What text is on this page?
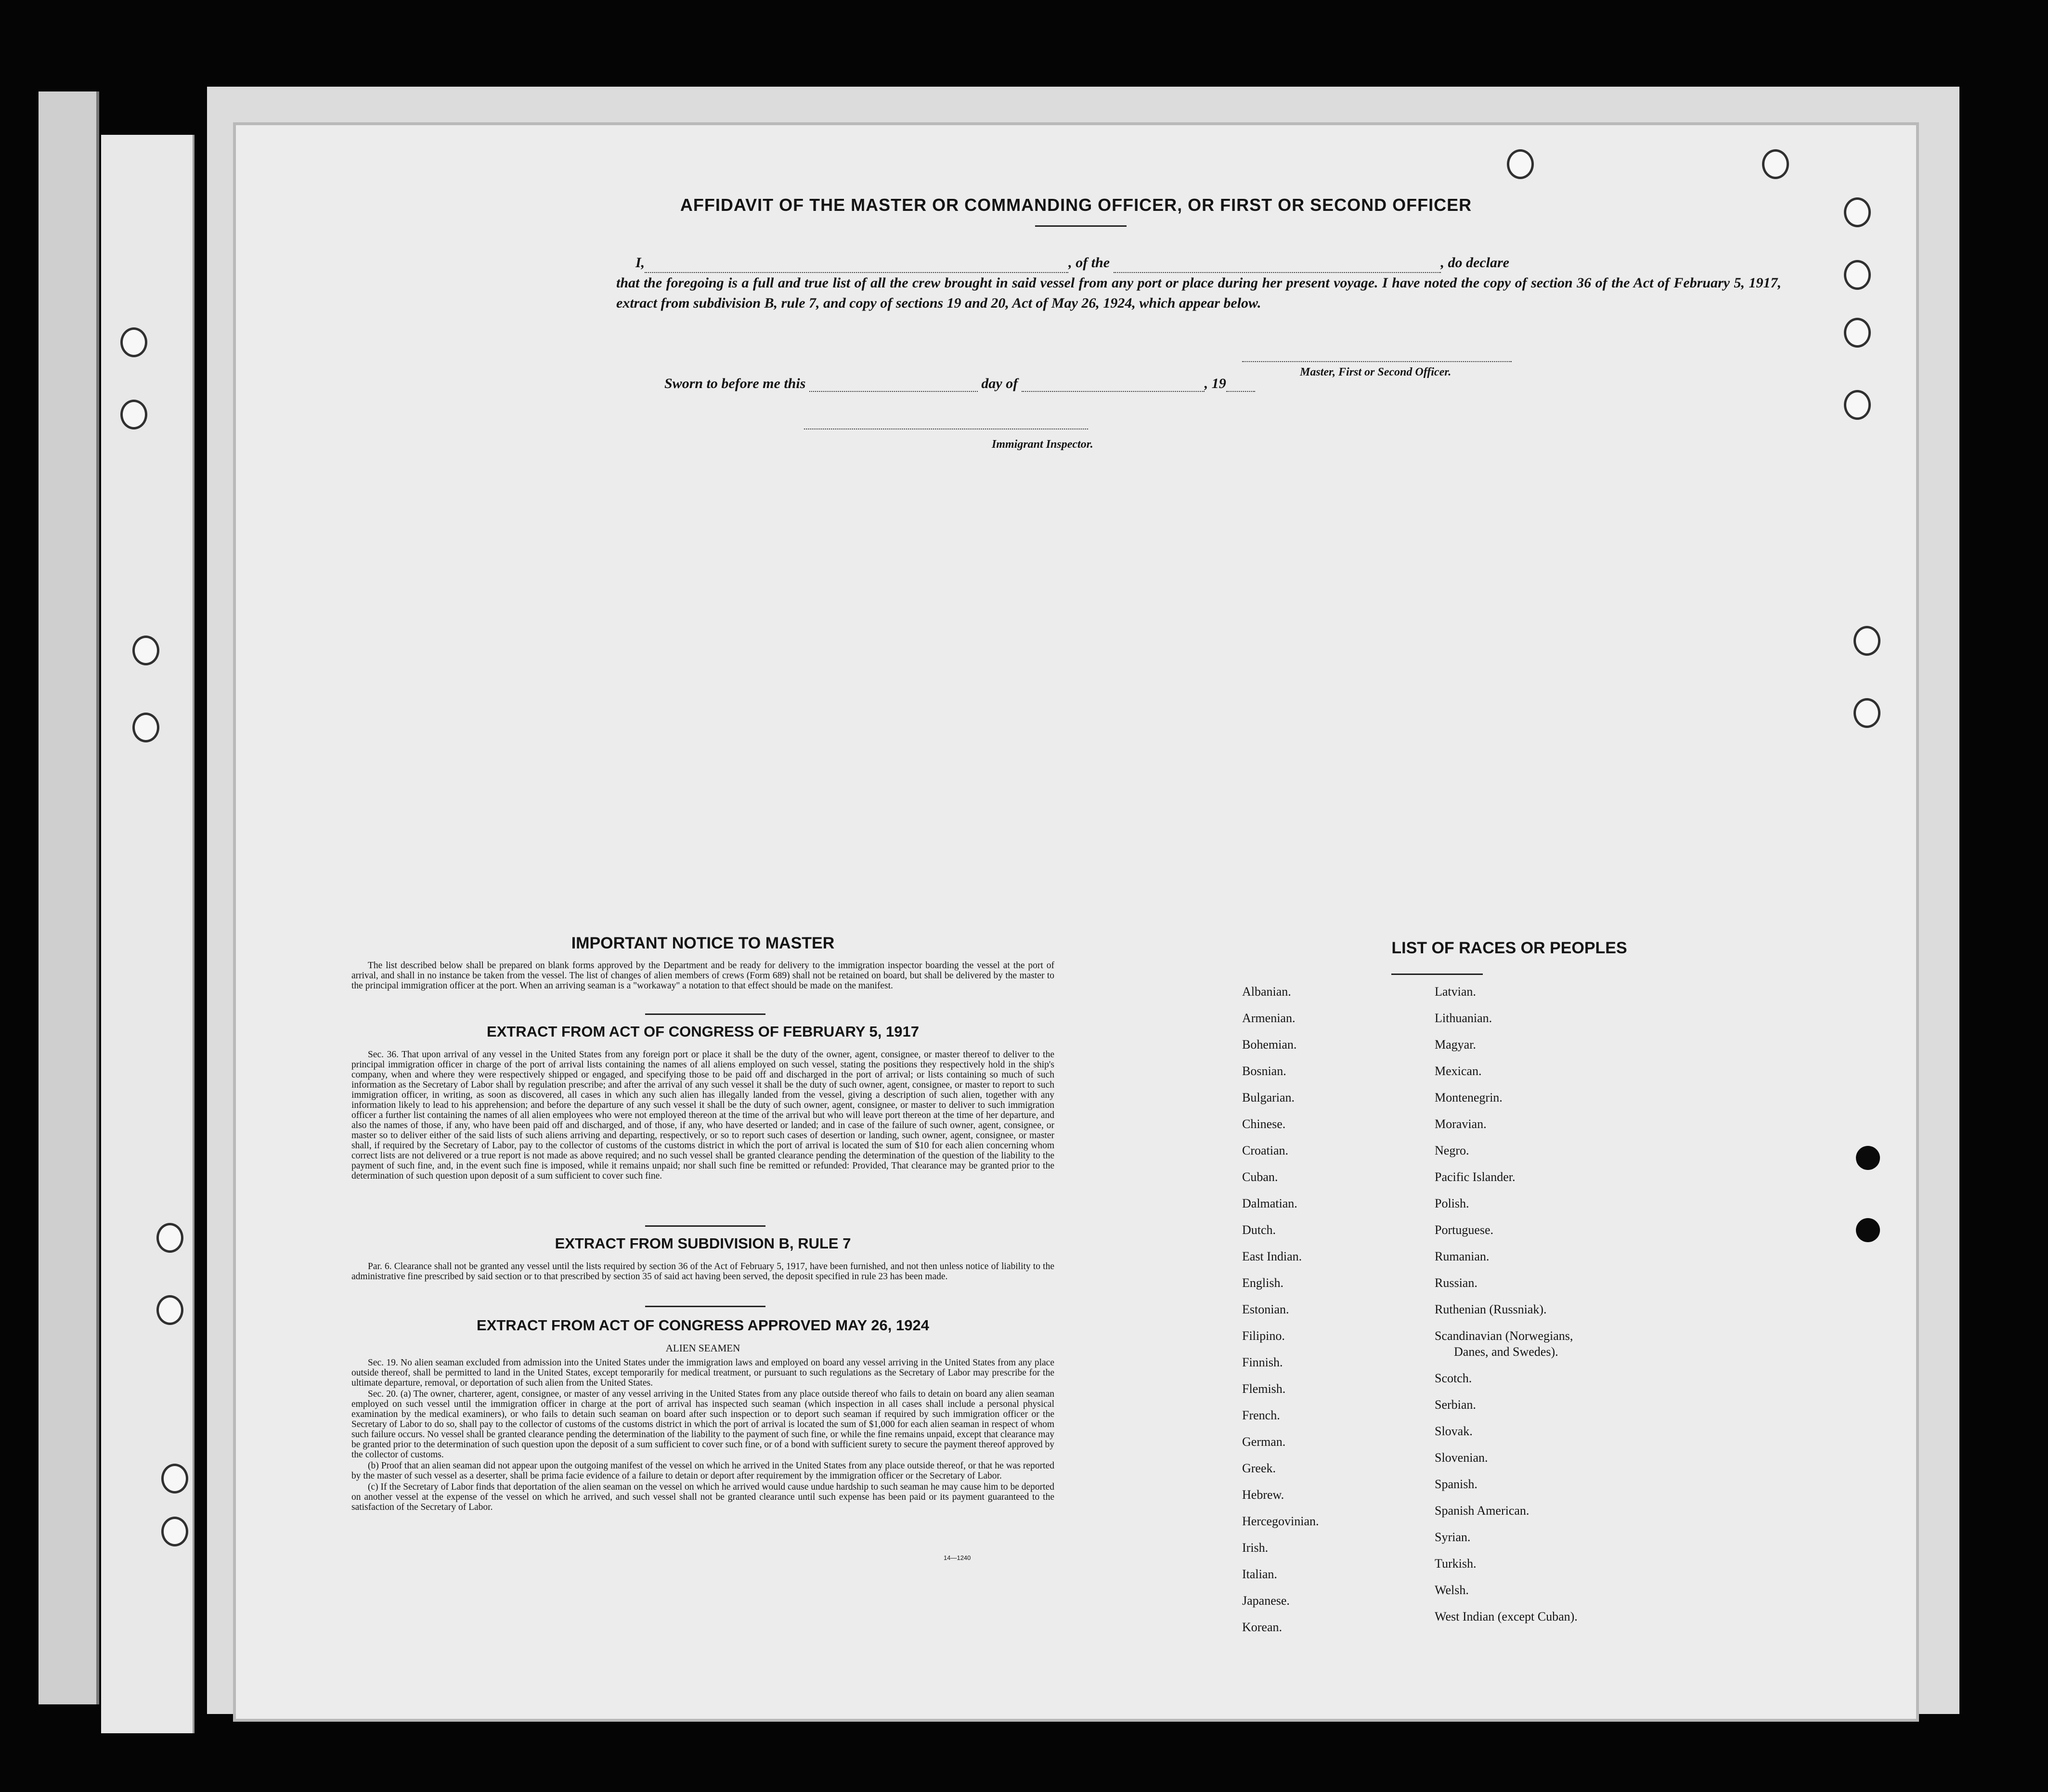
AFFIDAVIT OF THE MASTER OR COMMANDING OFFICER, OR FIRST OR SECOND OFFICER
I,	, of the	, do declare
that the foregoing is a full and true list of all the crew brought in said vessel from any port or place during her present voyage. I have noted the copy of section 36 of the Act of February 5, 1917, extract from subdivision B, rule 7, and copy of sections 19 and 20, Act of May 26, 1924, which appear below.
Master, First or Second Officer.
Sworn to before me this	day of	, 19
Immigrant Inspector.
IMPORTANT NOTICE TO MASTER

The list described below shall be prepared on blank forms approved by the Department and be ready for delivery to the immigration inspector boarding the vessel at the port of arrival, and shall in no instance be taken from the vessel. The list of changes of alien members of crews (Form 689) shall not be retained on board, but shall be delivered by the master to the principal immigration officer at the port. When an arriving seaman is a "workaway" a notation to that effect should be made on the manifest.

EXTRACT FROM ACT OF CONGRESS OF FEBRUARY 5, 1917

Sec. 36. That upon arrival of any vessel in the United States from any foreign port or place it shall be the duty of the owner, agent, consignee, or master thereof to deliver to the principal immigration officer in charge of the port of arrival lists containing the names of all aliens employed on such vessel, stating the positions they respectively hold in the ship's company, when and where they were respectively shipped or engaged, and specifying those to be paid off and discharged in the port of arrival; or lists containing so much of such information as the Secretary of Labor shall by regulation prescribe; and after the arrival of any such vessel it shall be the duty of such owner, agent, consignee, or master to report to such immigration officer, in writing, as soon as discovered, all cases in which any such alien has illegally landed from the vessel, giving a description of such alien, together with any information likely to lead to his apprehension; and before the departure of any such vessel it shall be the duty of such owner, agent, consignee, or master to deliver to such immigration officer a further list containing the names of all alien employees who were not employed thereon at the time of the arrival but who will leave port thereon at the time of her departure, and also the names of those, if any, who have been paid off and discharged, and of those, if any, who have deserted or landed; and in case of the failure of such owner, agent, consignee, or master so to deliver either of the said lists of such aliens arriving and departing, respectively, or so to report such cases of desertion or landing, such owner, agent, consignee, or master shall, if required by the Secretary of Labor, pay to the collector of customs of the customs district in which the port of arrival is located the sum of $10 for each alien concerning whom correct lists are not delivered or a true report is not made as above required; and no such vessel shall be granted clearance pending the determination of the question of the liability to the payment of such fine, and, in the event such fine is imposed, while it remains unpaid; nor shall such fine be remitted or refunded: Provided, That clearance may be granted prior to the determination of such question upon deposit of a sum sufficient to cover such fine.

EXTRACT FROM SUBDIVISION B, RULE 7

Par. 6. Clearance shall not be granted any vessel until the lists required by section 36 of the Act of February 5, 1917, have been furnished, and not then unless notice of liability to the administrative fine prescribed by said section or to that prescribed by section 35 of said act having been served, the deposit specified in rule 23 has been made.

EXTRACT FROM ACT OF CONGRESS APPROVED MAY 26, 1924
ALIEN SEAMEN

Sec. 19. No alien seaman excluded from admission into the United States under the immigration laws and employed on board any vessel arriving in the United States from any place outside thereof, shall be permitted to land in the United States, except temporarily for medical treatment, or pursuant to such regulations as the Secretary of Labor may prescribe for the ultimate departure, removal, or deportation of such alien from the United States.

Sec. 20. (a) The owner, charterer, agent, consignee, or master of any vessel arriving in the United States from any place outside thereof who fails to detain on board any alien seaman employed on such vessel until the immigration officer in charge at the port of arrival has inspected such seaman (which inspection in all cases shall include a personal physical examination by the medical examiners), or who fails to detain such seaman on board after such inspection or to deport such seaman if required by such immigration officer or the Secretary of Labor to do so, shall pay to the collector of customs of the customs district in which the port of arrival is located the sum of $1,000 for each alien seaman in respect of whom such failure occurs. No vessel shall be granted clearance pending the determination of the liability to the payment of such fine, or while the fine remains unpaid, except that clearance may be granted prior to the determination of such question upon the deposit of a sum sufficient to cover such fine, or of a bond with sufficient surety to secure the payment thereof approved by the collector of customs.

(b) Proof that an alien seaman did not appear upon the outgoing manifest of the vessel on which he arrived in the United States from any place outside thereof, or that he was reported by the master of such vessel as a deserter, shall be prima facie evidence of a failure to detain or deport after requirement by the immigration officer or the Secretary of Labor.

(c) If the Secretary of Labor finds that deportation of the alien seaman on the vessel on which he arrived would cause undue hardship to such seaman he may cause him to be deported on another vessel at the expense of the vessel on which he arrived, and such vessel shall not be granted clearance until such expense has been paid or its payment guaranteed to the satisfaction of the Secretary of Labor.

14—1240
LIST OF RACES OR PEOPLES
Albanian.
Armenian.
Bohemian.
Bosnian.
Bulgarian.
Chinese.
Croatian.
Cuban.
Dalmatian.
Dutch.
East Indian.
English.
Estonian.
Filipino.
Finnish.
Flemish.
French.
German.
Greek.
Hebrew.
Hercegovinian.
Irish.
Italian.
Japanese.
Korean.
Latvian.
Lithuanian.
Magyar.
Mexican.
Montenegrin.
Moravian.
Negro.
Pacific Islander.
Polish.
Portuguese.
Rumanian.
Russian.
Ruthenian (Russniak).
Scandinavian (Norwegians,
Danes, and Swedes).
Scotch.
Serbian.
Slovak.
Slovenian.
Spanish.
Spanish American.
Syrian.
Turkish.
Welsh.
West Indian (except Cuban).
